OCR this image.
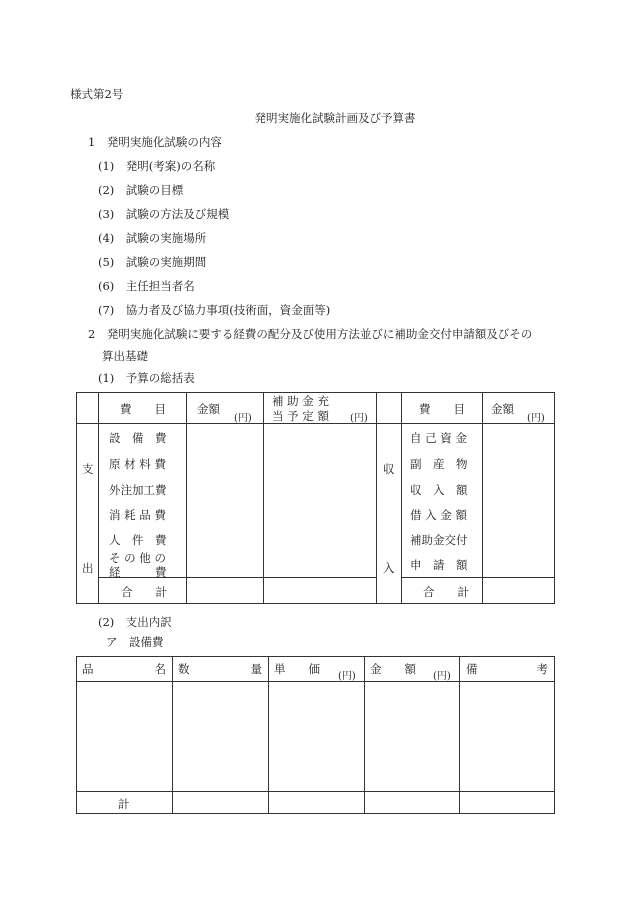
様式第2号
発明実施化試験計画及び予算書
1　発明実施化試験の内容
(1)　発明(考案)の名称
(2)　試験の目標
(3)　試験の方法及び規模
(4)　試験の実施場所
(5)　試験の実施期間
(6)　主任担当者名
(7)　協力者及び協力事項(技術面，資金面等)
2　発明実施化試験に要する経費の配分及び使用方法並びに補助金交付申請額及びその
算出基礎
(1)　予算の総括表
費　　目	金額
(円)
補 助 金 充
当 予 定 額 (円)
費　　目	金額
(円)
支
出
収
入
設　備　費
原 材 料 費
外注加工費
消 耗 品 費
人　件　費
そ の 他 の
経　　　費
合　　計
自 己 資 金
副　産　物
収　入　額
借 入 金 額
補助金交付
申　請　額
合　　計
(2)　支出内訳
ア　設備費
品　　　　名 数　　　　量 単　　価
(円)
金　　額
(円)
備　　　　考
計
